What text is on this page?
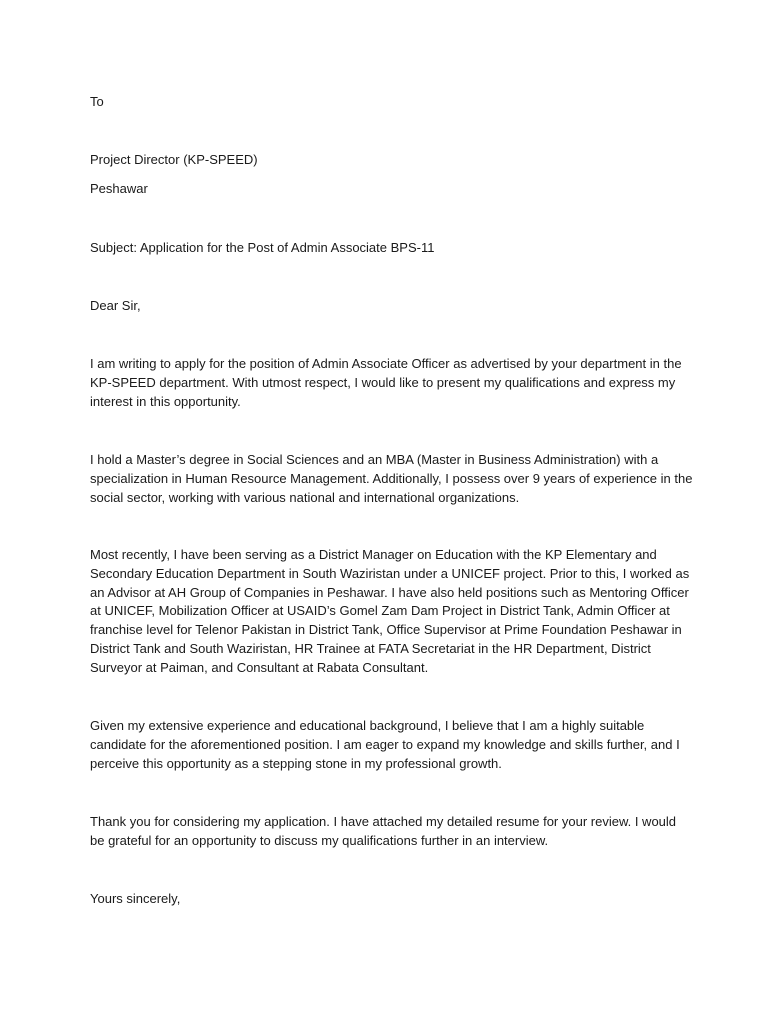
To

Project Director (KP-SPEED)

Peshawar

Subject: Application for the Post of Admin Associate BPS-11

Dear Sir,

I am writing to apply for the position of Admin Associate Officer as advertised by your department in the
KP-SPEED department. With utmost respect, I would like to present my qualifications and express my
interest in this opportunity.
I hold a Master’s degree in Social Sciences and an MBA (Master in Business Administration) with a
specialization in Human Resource Management. Additionally, I possess over 9 years of experience in the
social sector, working with various national and international organizations.
Most recently, I have been serving as a District Manager on Education with the KP Elementary and
Secondary Education Department in South Waziristan under a UNICEF project. Prior to this, I worked as
an Advisor at AH Group of Companies in Peshawar. I have also held positions such as Mentoring Officer
at UNICEF, Mobilization Officer at USAID’s Gomel Zam Dam Project in District Tank, Admin Officer at
franchise level for Telenor Pakistan in District Tank, Office Supervisor at Prime Foundation Peshawar in
District Tank and South Waziristan, HR Trainee at FATA Secretariat in the HR Department, District
Surveyor at Paiman, and Consultant at Rabata Consultant.
Given my extensive experience and educational background, I believe that I am a highly suitable
candidate for the aforementioned position. I am eager to expand my knowledge and skills further, and I
perceive this opportunity as a stepping stone in my professional growth.
Thank you for considering my application. I have attached my detailed resume for your review. I would
be grateful for an opportunity to discuss my qualifications further in an interview.

Yours sincerely,
